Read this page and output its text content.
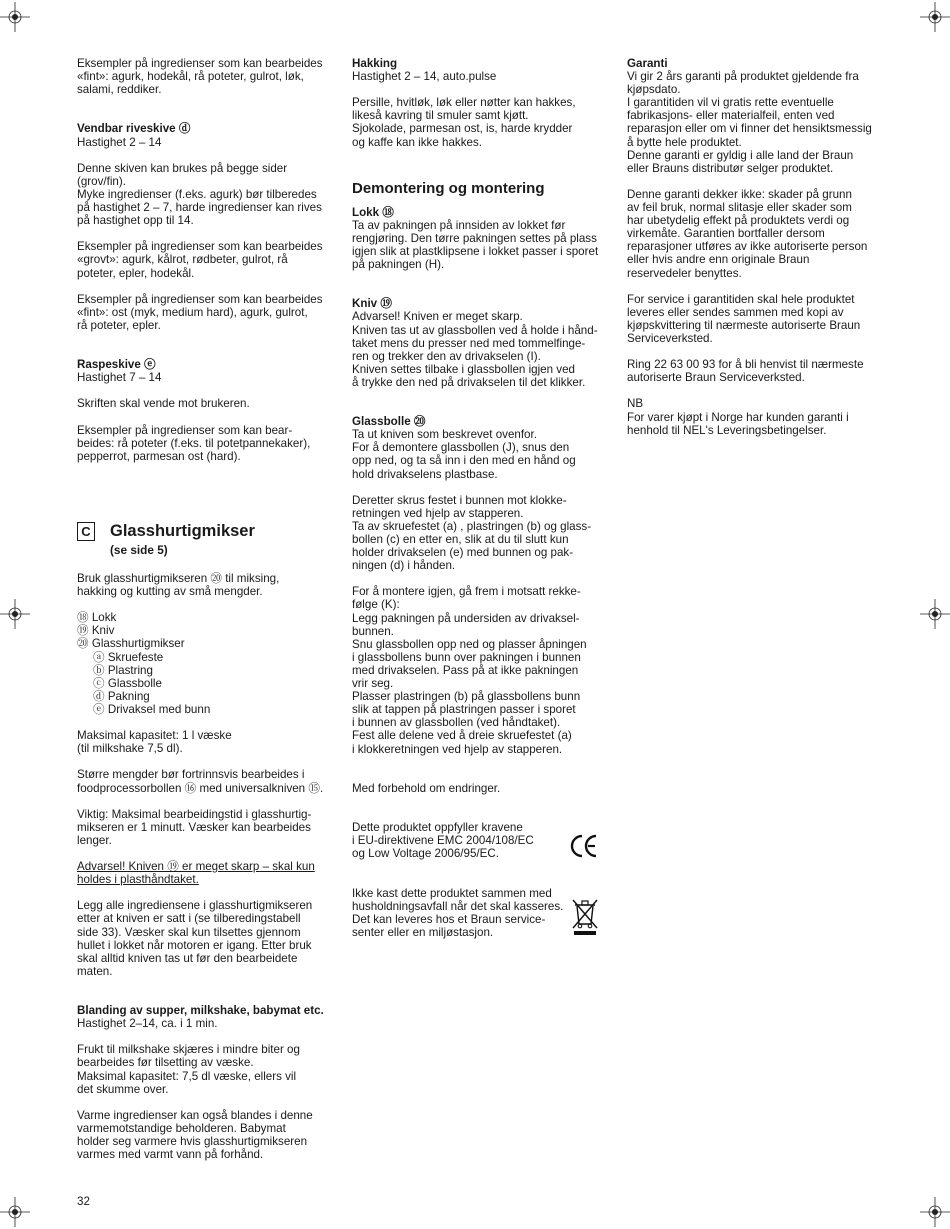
Eksempler på ingredienser som kan bearbeides
«fint»: agurk, hodekål, rå poteter, gulrot, løk,
salami, reddiker.

Vendbar riveskive ⓓ

Hastighet 2 – 14

Denne skiven kan brukes på begge sider
(grov/fin).
Myke ingredienser (f.eks. agurk) bør tilberedes
på hastighet 2 – 7, harde ingredienser kan rives
på hastighet opp til 14.

Eksempler på ingredienser som kan bearbeides
«grovt»: agurk, kålrot, rødbeter, gulrot, rå
poteter, epler, hodekål.

Eksempler på ingredienser som kan bearbeides
«fint»: ost (myk, medium hard), agurk, gulrot,
rå poteter, epler.

Raspeskive ⓔ

Hastighet 7 – 14

Skriften skal vende mot brukeren.

Eksempler på ingredienser som kan bear-
beides: rå poteter (f.eks. til potetpannekaker),
pepperrot, parmesan ost (hard).

C Glasshurtigmikser
(se side 5)

Bruk glasshurtigmikseren ⑳ til miksing,
hakking og kutting av små mengder.

⑱ Lokk

⑲ Kniv

⑳ Glasshurtigmikser

ⓐ Skruefeste

ⓑ Plastring

ⓒ Glassbolle

ⓓ Pakning

ⓔ Drivaksel med bunn

Maksimal kapasitet: 1 l væske
(til milkshake 7,5 dl).

Større mengder bør fortrinnsvis bearbeides i
foodprocessorbollen ⑯ med universalkniven ⑮.

Viktig: Maksimal bearbeidingstid i glasshurtig-
mikseren er 1 minutt. Væsker kan bearbeides
lenger.

Advarsel! Kniven ⑲ er meget skarp – skal kun
holdes i plasthåndtaket.

Legg alle ingrediensene i glasshurtigmikseren
etter at kniven er satt i (se tilberedingstabell
side 33). Væsker skal kun tilsettes gjennom
hullet i lokket når motoren er igang. Etter bruk
skal alltid kniven tas ut før den bearbeidete
maten.

Blanding av supper, milkshake, babymat etc.

Hastighet 2–14, ca. i 1 min.

Frukt til milkshake skjæres i mindre biter og
bearbeides før tilsetting av væske.
Maksimal kapasitet: 7,5 dl væske, ellers vil
det skumme over.

Varme ingredienser kan også blandes i denne
varmemotstandige beholderen. Babymat
holder seg varmere hvis glasshurtigmikseren
varmes med varmt vann på forhånd.

Hakking

Hastighet 2 – 14, auto.pulse

Persille, hvitløk, løk eller nøtter kan hakkes,
likeså kavring til smuler samt kjøtt.
Sjokolade, parmesan ost, is, harde krydder
og kaffe kan ikke hakkes.

Demontering og montering

Lokk ⑱

Ta av pakningen på innsiden av lokket før
rengjøring. Den tørre pakningen settes på plass
igjen slik at plastklipsene i lokket passer i sporet
på pakningen (H).

Kniv ⑲

Advarsel! Kniven er meget skarp.
Kniven tas ut av glassbollen ved å holde i hånd-
taket mens du presser ned med tommelfinge-
ren og trekker den av drivakselen (I).
Kniven settes tilbake i glassbollen igjen ved
å trykke den ned på drivakselen til det klikker.

Glassbolle ⑳

Ta ut kniven som beskrevet ovenfor.
For å demontere glassbollen (J), snus den
opp ned, og ta så inn i den med en hånd og
hold drivakselens plastbase.

Deretter skrus festet i bunnen mot klokke-
retningen ved hjelp av stapperen.
Ta av skruefestet (a) , plastringen (b) og glass-
bollen (c) en etter en, slik at du til slutt kun
holder drivakselen (e) med bunnen og pak-
ningen (d) i hånden.

For å montere igjen, gå frem i motsatt rekke-
følge (K):
Legg pakningen på undersiden av drivaksel-
bunnen.
Snu glassbollen opp ned og plasser åpningen
i glassbollens bunn over pakningen i bunnen
med drivakselen. Pass på at ikke pakningen
vrir seg.
Plasser plastringen (b) på glassbollens bunn
slik at tappen på plastringen passer i sporet
i bunnen av glassbollen (ved håndtaket).
Fest alle delene ved å dreie skruefestet (a)
i klokkeretningen ved hjelp av stapperen.

Med forbehold om endringer.

Dette produktet oppfyller kravene
i EU-direktivene EMC 2004/108/EC
og Low Voltage 2006/95/EC.

Ikke kast dette produktet sammen med
husholdningsavfall når det skal kasseres.
Det kan leveres hos et Braun service-
senter eller en miljøstasjon.

Garanti

Vi gir 2 års garanti på produktet gjeldende fra
kjøpsdato.
I garantitiden vil vi gratis rette eventuelle
fabrikasjons- eller materialfeil, enten ved
reparasjon eller om vi finner det hensiktsmessig
å bytte hele produktet.
Denne garanti er gyldig i alle land der Braun
eller Brauns distributør selger produktet.

Denne garanti dekker ikke: skader på grunn
av feil bruk, normal slitasje eller skader som
har ubetydelig effekt på produktets verdi og
virkemåte. Garantien bortfaller dersom
reparasjoner utføres av ikke autoriserte person
eller hvis andre enn originale Braun
reservedeler benyttes.

For service i garantitiden skal hele produktet
leveres eller sendes sammen med kopi av
kjøpskvittering til nærmeste autoriserte Braun
Serviceverksted.

Ring 22 63 00 93 for å bli henvist til nærmeste
autoriserte Braun Serviceverksted.

NB

For varer kjøpt i Norge har kunden garanti i
henhold til NEL's Leveringsbetingelser.

32
